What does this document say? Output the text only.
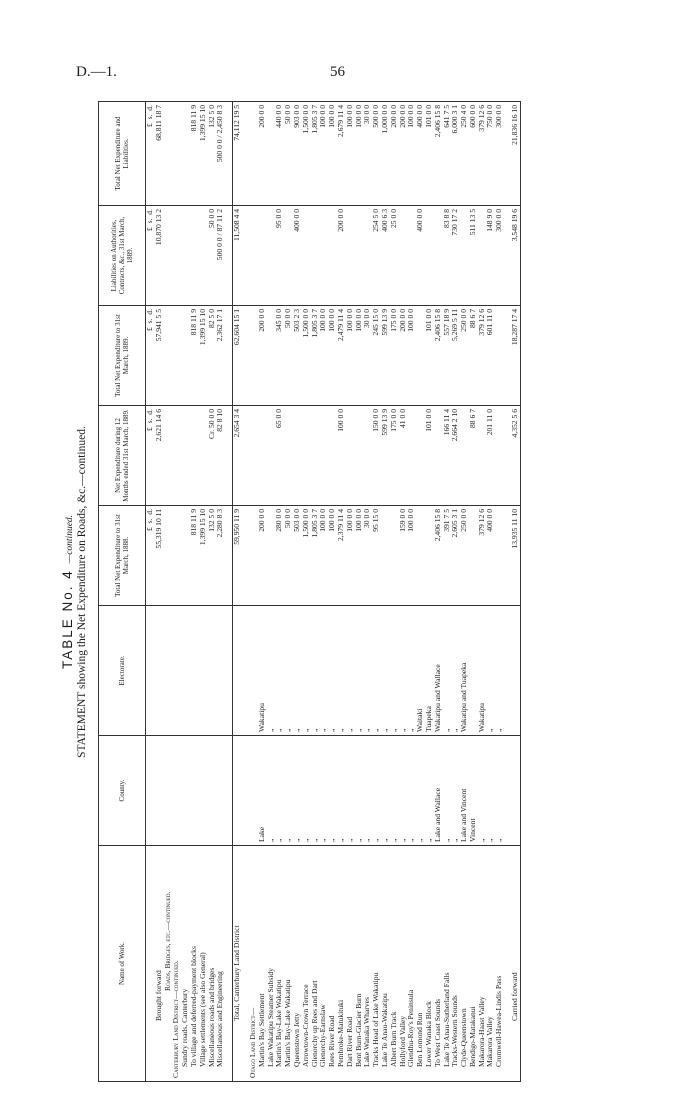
D.—1.	56
TABLE No. 4—continued. STATEMENT showing the Net Expenditure on Roads, &c.—continued.
Name of Work.	County.	Electorate.	Total Net Expenditure to 31st March, 1888.	Net Expenditure during 12 Months ended 31st March, 1889.	Total Net Expenditure to 31st March, 1889.	Liabilities on Authorities, Contracts, &c., 31st March, 1889.	Total Net Expenditure and Liabilities.
			£  s.  d.	£  s.  d.	£  s.  d.	£  s.  d.	£  s.  d.
Brought forward			55,319 10 11	2,621 14 6	57,941 5 5	10,870 13 2	68,811 18 7
Roads, Bridges, etc.—continued.							
Canterbury Land District—continued.							
Sundry roads, Canterbury							
To village and deferred-payment blocks			818 11 9		818 11 9		818 11 9
Village settlements (see also General)			1,399 15 10		1,399 15 10		1,399 15 10
Miscellaneous roads and bridges			132 5 0	Cr. 50 0 0	82 5 0	50 0 0	132 5 0
Miscellaneous and Engineering			2,280 8 3	82 8 10	2,362 17 1	500 0 0 / 87 11 2	500 0 0 / 2,450 8 3

Total, Canterbury Land District			59,950 11 9	2,654 3 4	62,604 15 1	11,508 4 4	74,112 19 5

Otago Land District—							
Martin's Bay Settlement	Lake	Wakatipu	200 0 0		200 0 0		200 0 0
Lake Wakatipu Steamer Subsidy	„	„					
Martin's Bay-Lake Wakatipu	„	„	280 0 0	65 0 0	345 0 0	95 0 0	440 0 0
Martin's Bay-Lake Wakatipu	„	„	50 0 0		50 0 0		50 0 0
Queenstown Jetty	„	„	503 0 0		503 2 3	400 0 0	903 0 0
Arrowtown-Crown Terrace	„	„	1,500 0 0		1,500 0 0		1,500 0 0
Glenorchy up Rees and Dart	„	„	1,805 3 7		1,805 3 7		1,805 3 7
Glenorchy-Earnslaw	„	„	100 0 0		100 0 0		100 0 0
Rees River Road	„	„	100 0 0		100 0 0		100 0 0
Pembroke-Matukituki	„	„	2,379 11 4	100 0 0	2,479 11 4	200 0 0	2,679 11 4
Dart River Road	„	„	100 0 0		100 0 0		100 0 0
Bent Burn-Glacier Burn	„	„	100 0 0		100 0 0		100 0 0
Lake Wanaka Wharves	„	„	30 0 0		30 0 0		30 0 0
Tracks Head of Lake Wakatipu	„	„	95 15 0	150 0 0	245 15 0	254 5 0	500 0 0
Lake Te Anau-Wakatipu	„	„		599 13 9	599 13 9	400 6 3	1,000 0 0
Albert Burn Track	„	„		175 0 0	175 0 0	25 0 0	200 0 0
Hollyford Valley	„	„	159 0 0	41 0 0	200 0 0		200 0 0
Glendhu-Roy's Peninsula	„	„	100 0 0		100 0 0		100 0 0
Ben Lomond Run	„	Waitaki				400 0 0	400 0 0
Lower Wanaka Block	„	Tuapeka		101 0 0	101 0 0		101 0 0
To West Coast Sounds	Lake and Wallace	Wakatipu and Wallace	2,406 15 8		2,406 15 8		2,406 15 8
Lake Te Anau-Sutherland Falls	„	„	391 7 5	166 11 4	557 18 9	83 8 8	641 7 5
Tracks-Western Sounds	„	„	2,605 3 1	2,664 2 10	5,269 5 11	730 17 2	6,000 3 1
Clyde-Queenstown	Lake and Vincent	Wakatipu and Tuapeka	250 0 0		250 0 0		250 4 0
Bendigo-Matakanui	Vincent			88 6 7	88 6 7	511 13 5	600 0 0
Makarora-Haast Valley	„	Wakatipu	379 12 6		379 12 6		379 12 6
Makarora Valley	„	„	400 0 0	201 11 0	601 11 0	148 9 0	750 0 0
Cromwell-Hawea-Lindis Pass	„	„				300 0 0	300 0 0

Carried forward			13,935 11 10	4,352 5 6	18,287 17 4	3,548 19 6	21,836 16 10
